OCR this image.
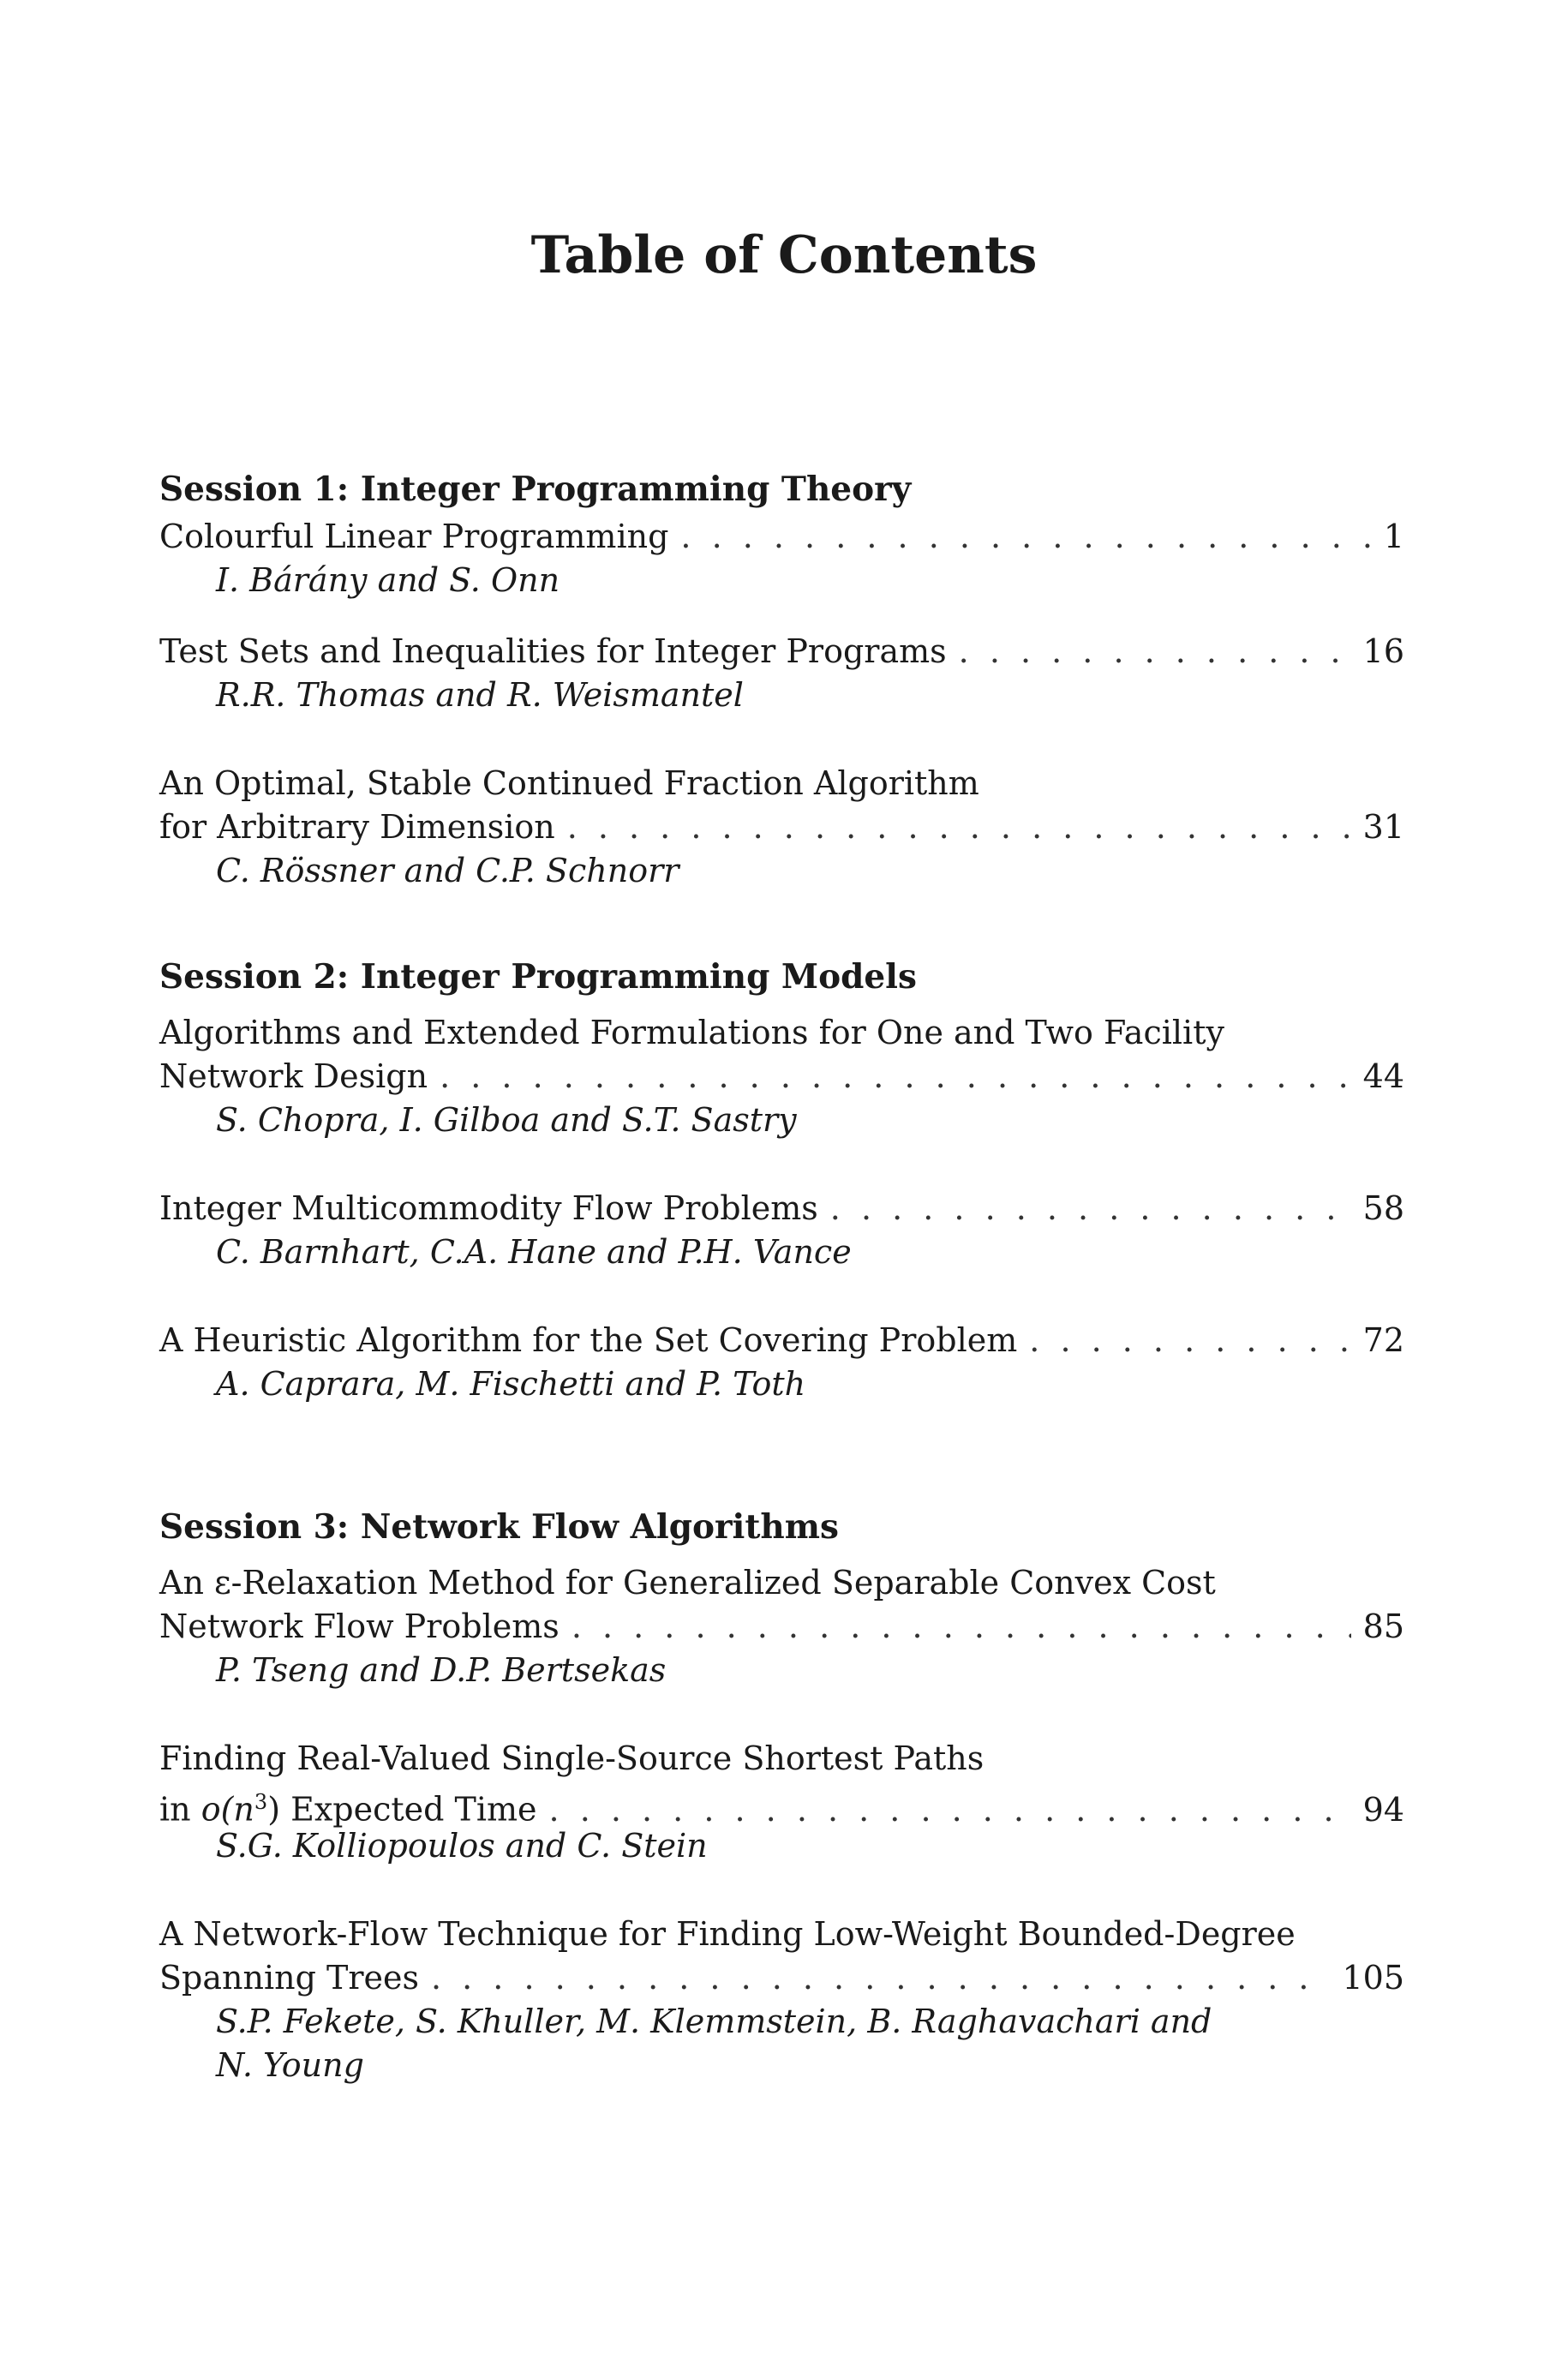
Table of Contents
Session 1: Integer Programming Theory
Colourful Linear Programming . . .	1
I. Bárány and S. Onn
Test Sets and Inequalities for Integer Programs . . .	16
R.R. Thomas and R. Weismantel
An Optimal, Stable Continued Fraction Algorithm
for Arbitrary Dimension . . .	31
C. Rössner and C.P. Schnorr
Session 2: Integer Programming Models
Algorithms and Extended Formulations for One and Two Facility
Network Design . . .	44
S. Chopra, I. Gilboa and S.T. Sastry
Integer Multicommodity Flow Problems . . .	58
C. Barnhart, C.A. Hane and P.H. Vance
A Heuristic Algorithm for the Set Covering Problem . . .	72
A. Caprara, M. Fischetti and P. Toth
Session 3: Network Flow Algorithms
An ε-Relaxation Method for Generalized Separable Convex Cost
Network Flow Problems . . .	85
P. Tseng and D.P. Bertsekas
Finding Real-Valued Single-Source Shortest Paths
in $o(n^3)$ Expected Time . . .	94
S.G. Kolliopoulos and C. Stein
A Network-Flow Technique for Finding Low-Weight Bounded-Degree
Spanning Trees . . .	105
S.P. Fekete, S. Khuller, M. Klemmstein, B. Raghavachari and
N. Young
